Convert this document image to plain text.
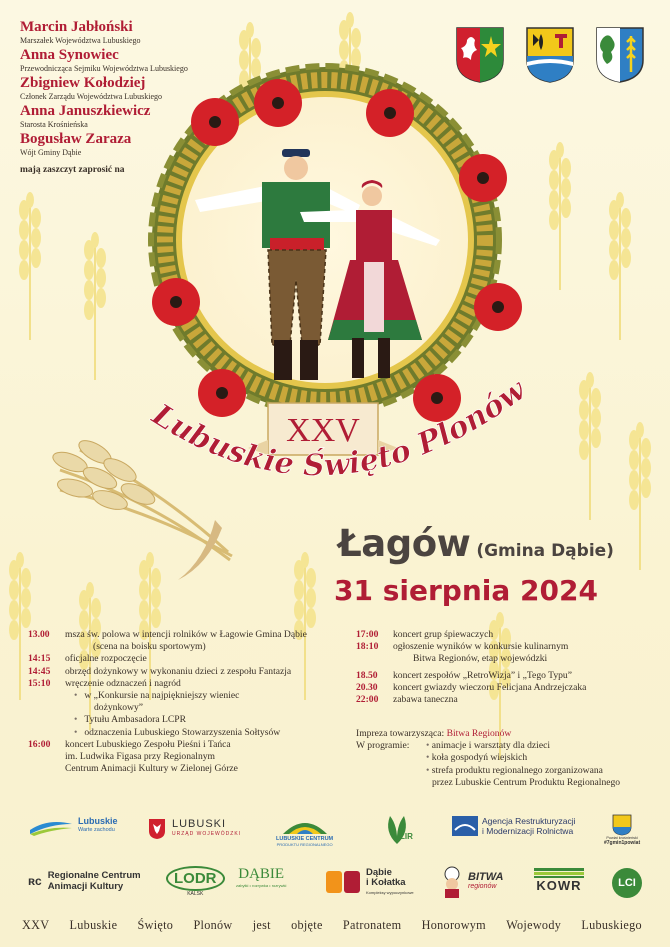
Marcin Jabłoński

Marszałek Województwa Lubuskiego

Anna Synowiec

Przewodnicząca Sejmiku Województwa Lubuskiego

Zbigniew Kołodziej

Członek Zarządu Województwa Lubuskiego

Anna Januszkiewicz

Starosta Krośnieńska

Bogusław Zaraza

Wójt Gminy Dąbie

mają zaszczyt zaprosić na
XXV
Lubuskie Święto Plonów
Łagów (Gmina Dąbie)
31 sierpnia 2024
13.00	msza św. polowa w intencji rolników w Łagowie Gmina Dąbie
(scena na boisku sportowym)
14:15	oficjalne rozpoczęcie
14:45	obrzęd dożynkowy w wykonaniu dzieci z zespołu Fantazja
15:10	wręczenie odznaczeń i nagród
• w „Konkursie na najpiękniejszy wieniec
dożynkowy”
• Tytułu Ambasadora LCPR
• odznaczenia Lubuskiego Stowarzyszenia Sołtysów
16:00	koncert Lubuskiego Zespołu Pieśni i Tańca
im. Ludwika Figasa przy Regionalnym
Centrum Animacji Kultury w Zielonej Górze
17:00	koncert grup śpiewaczych
18:10	ogłoszenie wyników w konkursie kulinarnym
Bitwa Regionów, etap wojewódzki
18.50	koncert zespołów „RetroWizja” i „Tego Typu”
20.30	koncert gwiazdy wieczoru Felicjana Andrzejczaka
22:00	zabawa taneczna
Impreza towarzysząca: Bitwa Regionów
W programie:
•	animacje i warsztaty dla dzieci
• koła gospodyń wiejskich
• strefa produktu regionalnego zorganizowana
przez Lubuskie Centrum Produktu Regionalnego
Lubuskie
Warte zachodu	LUBUSKI
URZĄD WOJEWÓDZKI
LUBUSKIE CENTRUM
PRODUKTU REGIONALNEGO
LIR
Agencja Restrukturyzacji
i Modernizacji Rolnictwa
Powiat krośnieński
#7gmin1powiat
ʀᴄ Regionalne Centrum
Animacji Kultury	LODR
KALSK
DĄBIE
zabytki • rozrywka • rozrywki
Dąbie
i Kołatka
Kompleksy wypoczynkowe
BITWA
regionów	KOWR	LCI
XXV Lubuskie Święto Plonów jest objęte Patronatem Honorowym Wojewody Lubuskiego
